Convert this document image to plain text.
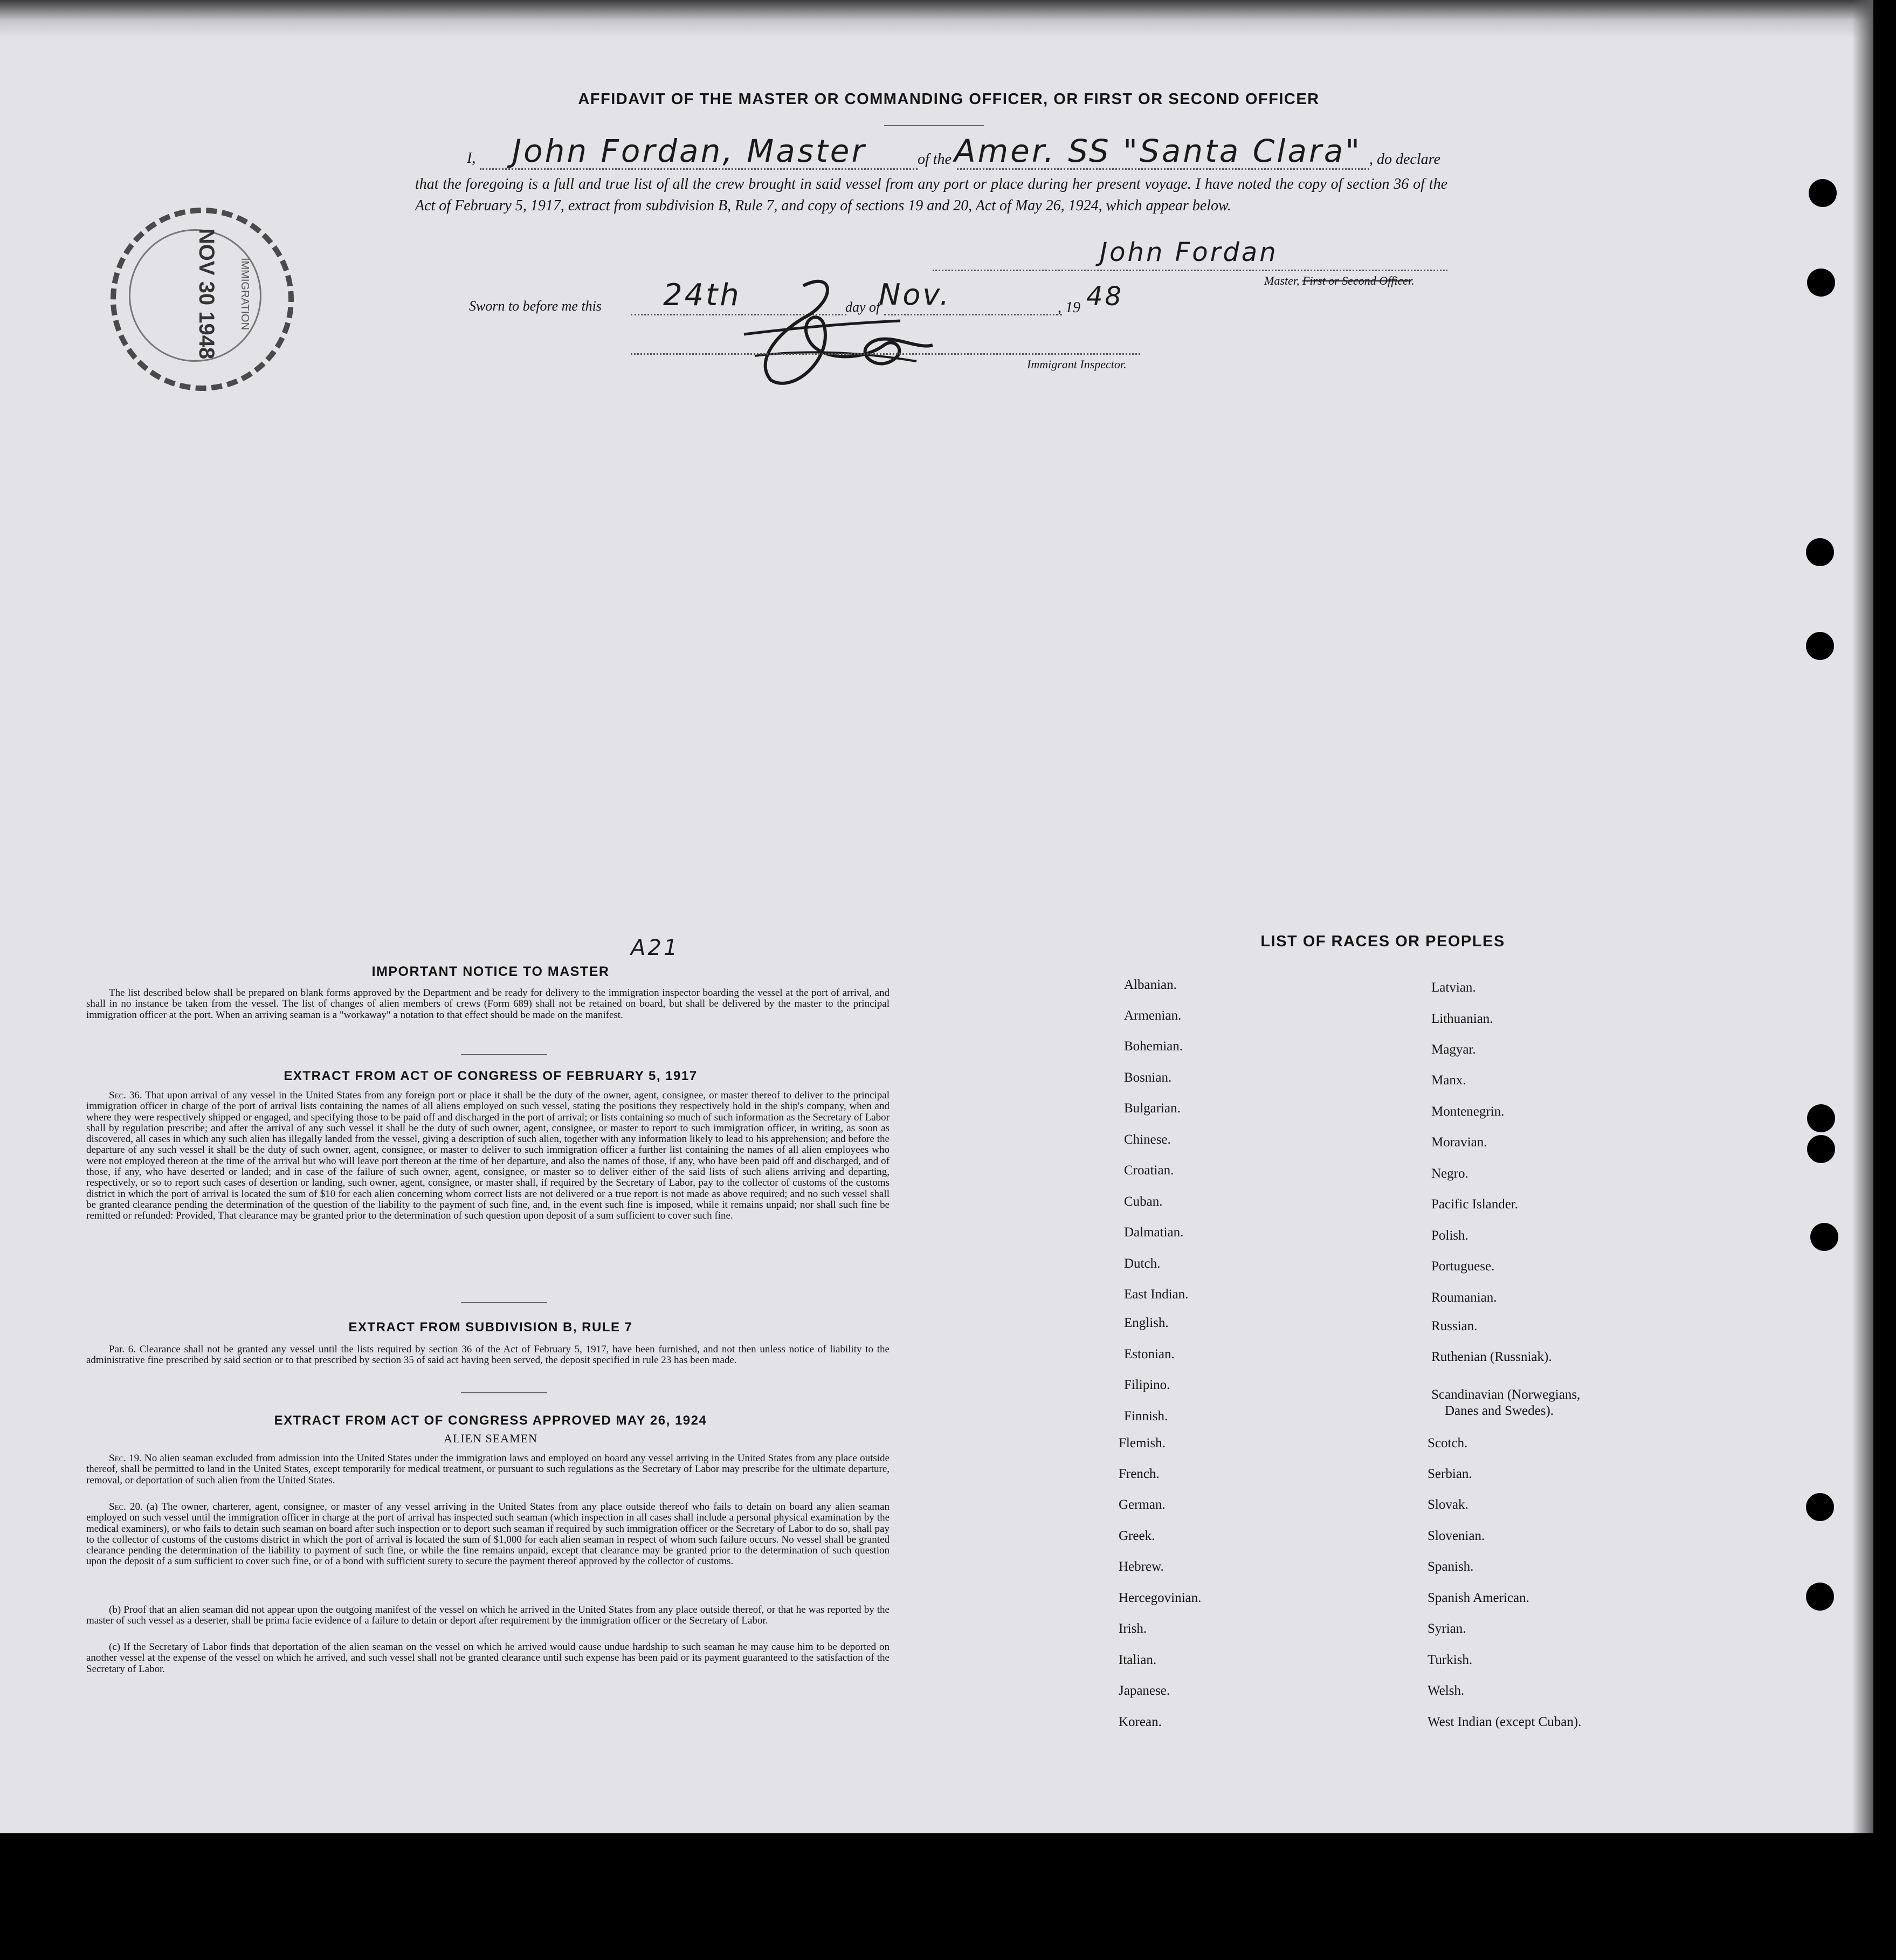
AFFIDAVIT OF THE MASTER OR COMMANDING OFFICER, OR FIRST OR SECOND OFFICER
I, John Fordan, Master	of the Amer. SS "Santa Clara" , do declare
that the foregoing is a full and true list of all the crew brought in said vessel from any port or place during her present voyage. I have noted the copy of section 36 of the Act of February 5, 1917, extract from subdivision B, Rule 7, and copy of sections 19 and 20, Act of May 26, 1924, which appear below.
John Fordan
Master, First or Second Officer.
Sworn to before me this 24th	day of
Nov.	, 19 48
Immigrant Inspector.
IMMIGRATION
NOV 30 1948
A21
IMPORTANT NOTICE TO MASTER
The list described below shall be prepared on blank forms approved by the Department and be ready for delivery to the immigration inspector boarding the vessel at the port of arrival, and shall in no instance be taken from the vessel. The list of changes of alien members of crews (Form 689) shall not be retained on board, but shall be delivered by the master to the principal immigration officer at the port. When an arriving seaman is a "workaway" a notation to that effect should be made on the manifest.
EXTRACT FROM ACT OF CONGRESS OF FEBRUARY 5, 1917
Sec. 36. That upon arrival of any vessel in the United States from any foreign port or place it shall be the duty of the owner, agent, consignee, or master thereof to deliver to the principal immigration officer in charge of the port of arrival lists containing the names of all aliens employed on such vessel, stating the positions they respectively hold in the ship's company, when and where they were respectively shipped or engaged, and specifying those to be paid off and discharged in the port of arrival; or lists containing so much of such information as the Secretary of Labor shall by regulation prescribe; and after the arrival of any such vessel it shall be the duty of such owner, agent, consignee, or master to report to such immigration officer, in writing, as soon as discovered, all cases in which any such alien has illegally landed from the vessel, giving a description of such alien, together with any information likely to lead to his apprehension; and before the departure of any such vessel it shall be the duty of such owner, agent, consignee, or master to deliver to such immigration officer a further list containing the names of all alien employees who were not employed thereon at the time of the arrival but who will leave port thereon at the time of her departure, and also the names of those, if any, who have been paid off and discharged, and of those, if any, who have deserted or landed; and in case of the failure of such owner, agent, consignee, or master so to deliver either of the said lists of such aliens arriving and departing, respectively, or so to report such cases of desertion or landing, such owner, agent, consignee, or master shall, if required by the Secretary of Labor, pay to the collector of customs of the customs district in which the port of arrival is located the sum of $10 for each alien concerning whom correct lists are not delivered or a true report is not made as above required; and no such vessel shall be granted clearance pending the determination of the question of the liability to the payment of such fine, and, in the event such fine is imposed, while it remains unpaid; nor shall such fine be remitted or refunded: Provided, That clearance may be granted prior to the determination of such question upon deposit of a sum sufficient to cover such fine.
EXTRACT FROM SUBDIVISION B, RULE 7
Par. 6. Clearance shall not be granted any vessel until the lists required by section 36 of the Act of February 5, 1917, have been furnished, and not then unless notice of liability to the administrative fine prescribed by said section or to that prescribed by section 35 of said act having been served, the deposit specified in rule 23 has been made.
EXTRACT FROM ACT OF CONGRESS APPROVED MAY 26, 1924
ALIEN SEAMEN
Sec. 19. No alien seaman excluded from admission into the United States under the immigration laws and employed on board any vessel arriving in the United States from any place outside thereof, shall be permitted to land in the United States, except temporarily for medical treatment, or pursuant to such regulations as the Secretary of Labor may prescribe for the ultimate departure, removal, or deportation of such alien from the United States.
Sec. 20. (a) The owner, charterer, agent, consignee, or master of any vessel arriving in the United States from any place outside thereof who fails to detain on board any alien seaman employed on such vessel until the immigration officer in charge at the port of arrival has inspected such seaman (which inspection in all cases shall include a personal physical examination by the medical examiners), or who fails to detain such seaman on board after such inspection or to deport such seaman if required by such immigration officer or the Secretary of Labor to do so, shall pay to the collector of customs of the customs district in which the port of arrival is located the sum of $1,000 for each alien seaman in respect of whom such failure occurs. No vessel shall be granted clearance pending the determination of the liability to payment of such fine, or while the fine remains unpaid, except that clearance may be granted prior to the determination of such question upon the deposit of a sum sufficient to cover such fine, or of a bond with sufficient surety to secure the payment thereof approved by the collector of customs.
(b) Proof that an alien seaman did not appear upon the outgoing manifest of the vessel on which he arrived in the United States from any place outside thereof, or that he was reported by the master of such vessel as a deserter, shall be prima facie evidence of a failure to detain or deport after requirement by the immigration officer or the Secretary of Labor.
(c) If the Secretary of Labor finds that deportation of the alien seaman on the vessel on which he arrived would cause undue hardship to such seaman he may cause him to be deported on another vessel at the expense of the vessel on which he arrived, and such vessel shall not be granted clearance until such expense has been paid or its payment guaranteed to the satisfaction of the Secretary of Labor.
LIST OF RACES OR PEOPLES
Albanian.
Armenian.
Bohemian.
Bosnian.
Bulgarian.
Chinese.
Croatian.
Cuban.
Dalmatian.
Dutch.
East Indian.
English.
Estonian.
Filipino.
Finnish.
Flemish.
French.
German.
Greek.
Hebrew.
Hercegovinian.
Irish.
Italian.
Japanese.
Korean.
Latvian.
Lithuanian.
Magyar.
Manx.
Montenegrin.
Moravian.
Negro.
Pacific Islander.
Polish.
Portuguese.
Roumanian.
Russian.
Ruthenian (Russniak).
Scandinavian (Norwegians,
Danes and Swedes).
Scotch.
Serbian.
Slovak.
Slovenian.
Spanish.
Spanish American.
Syrian.
Turkish.
Welsh.
West Indian (except Cuban).
